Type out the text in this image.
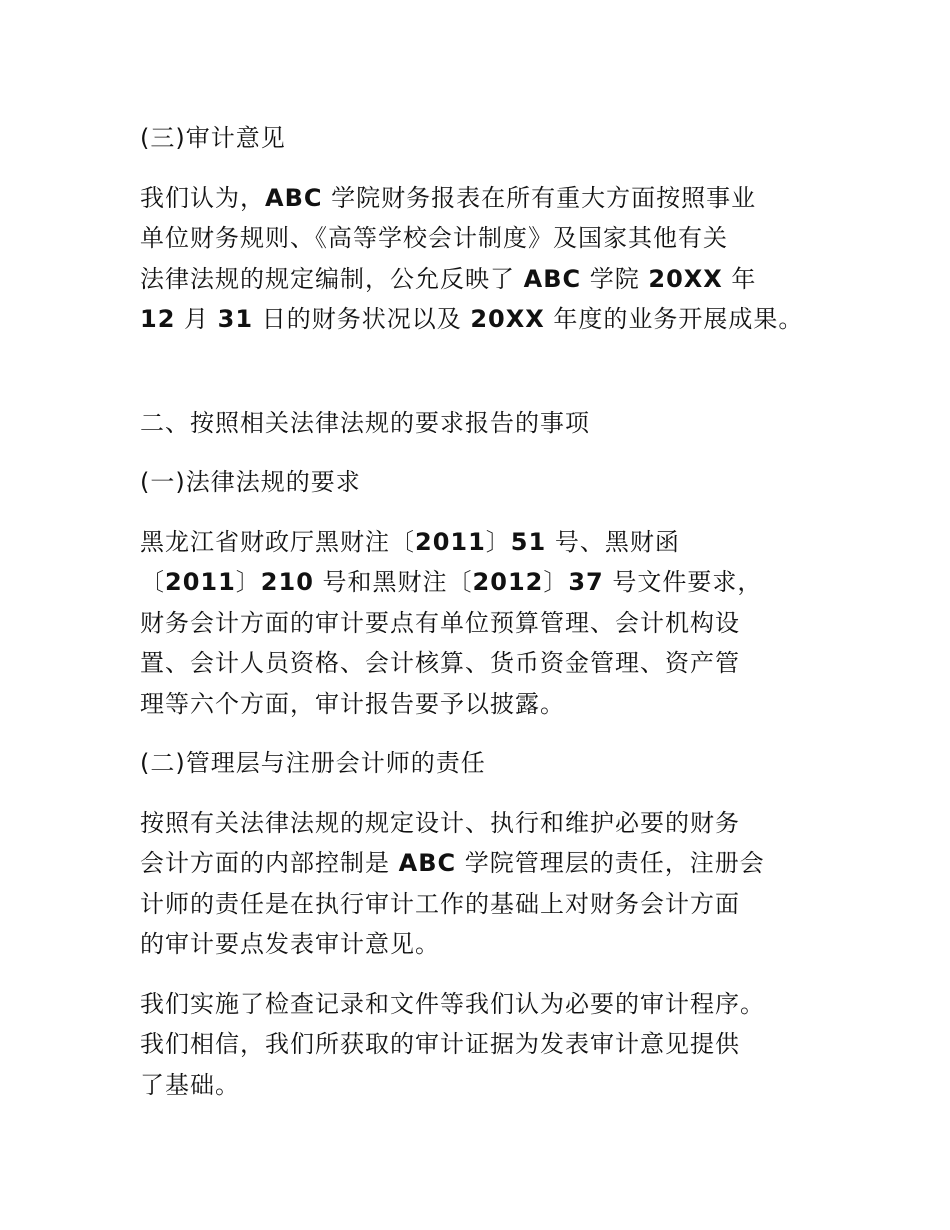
(三)审计意见
我们认为，ABC 学院财务报表在所有重大方面按照事业
单位财务规则、《高等学校会计制度》及国家其他有关
法律法规的规定编制，公允反映了 ABC 学院 20XX 年
12 月 31 日的财务状况以及 20XX 年度的业务开展成果。
二、按照相关法律法规的要求报告的事项
(一)法律法规的要求
黑龙江省财政厅黑财注〔2011〕51 号、黑财函
〔2011〕210 号和黑财注〔2012〕37 号文件要求，
财务会计方面的审计要点有单位预算管理、会计机构设
置、会计人员资格、会计核算、货币资金管理、资产管
理等六个方面，审计报告要予以披露。
(二)管理层与注册会计师的责任
按照有关法律法规的规定设计、执行和维护必要的财务
会计方面的内部控制是 ABC 学院管理层的责任，注册会
计师的责任是在执行审计工作的基础上对财务会计方面
的审计要点发表审计意见。
我们实施了检查记录和文件等我们认为必要的审计程序。
我们相信，我们所获取的审计证据为发表审计意见提供
了基础。
